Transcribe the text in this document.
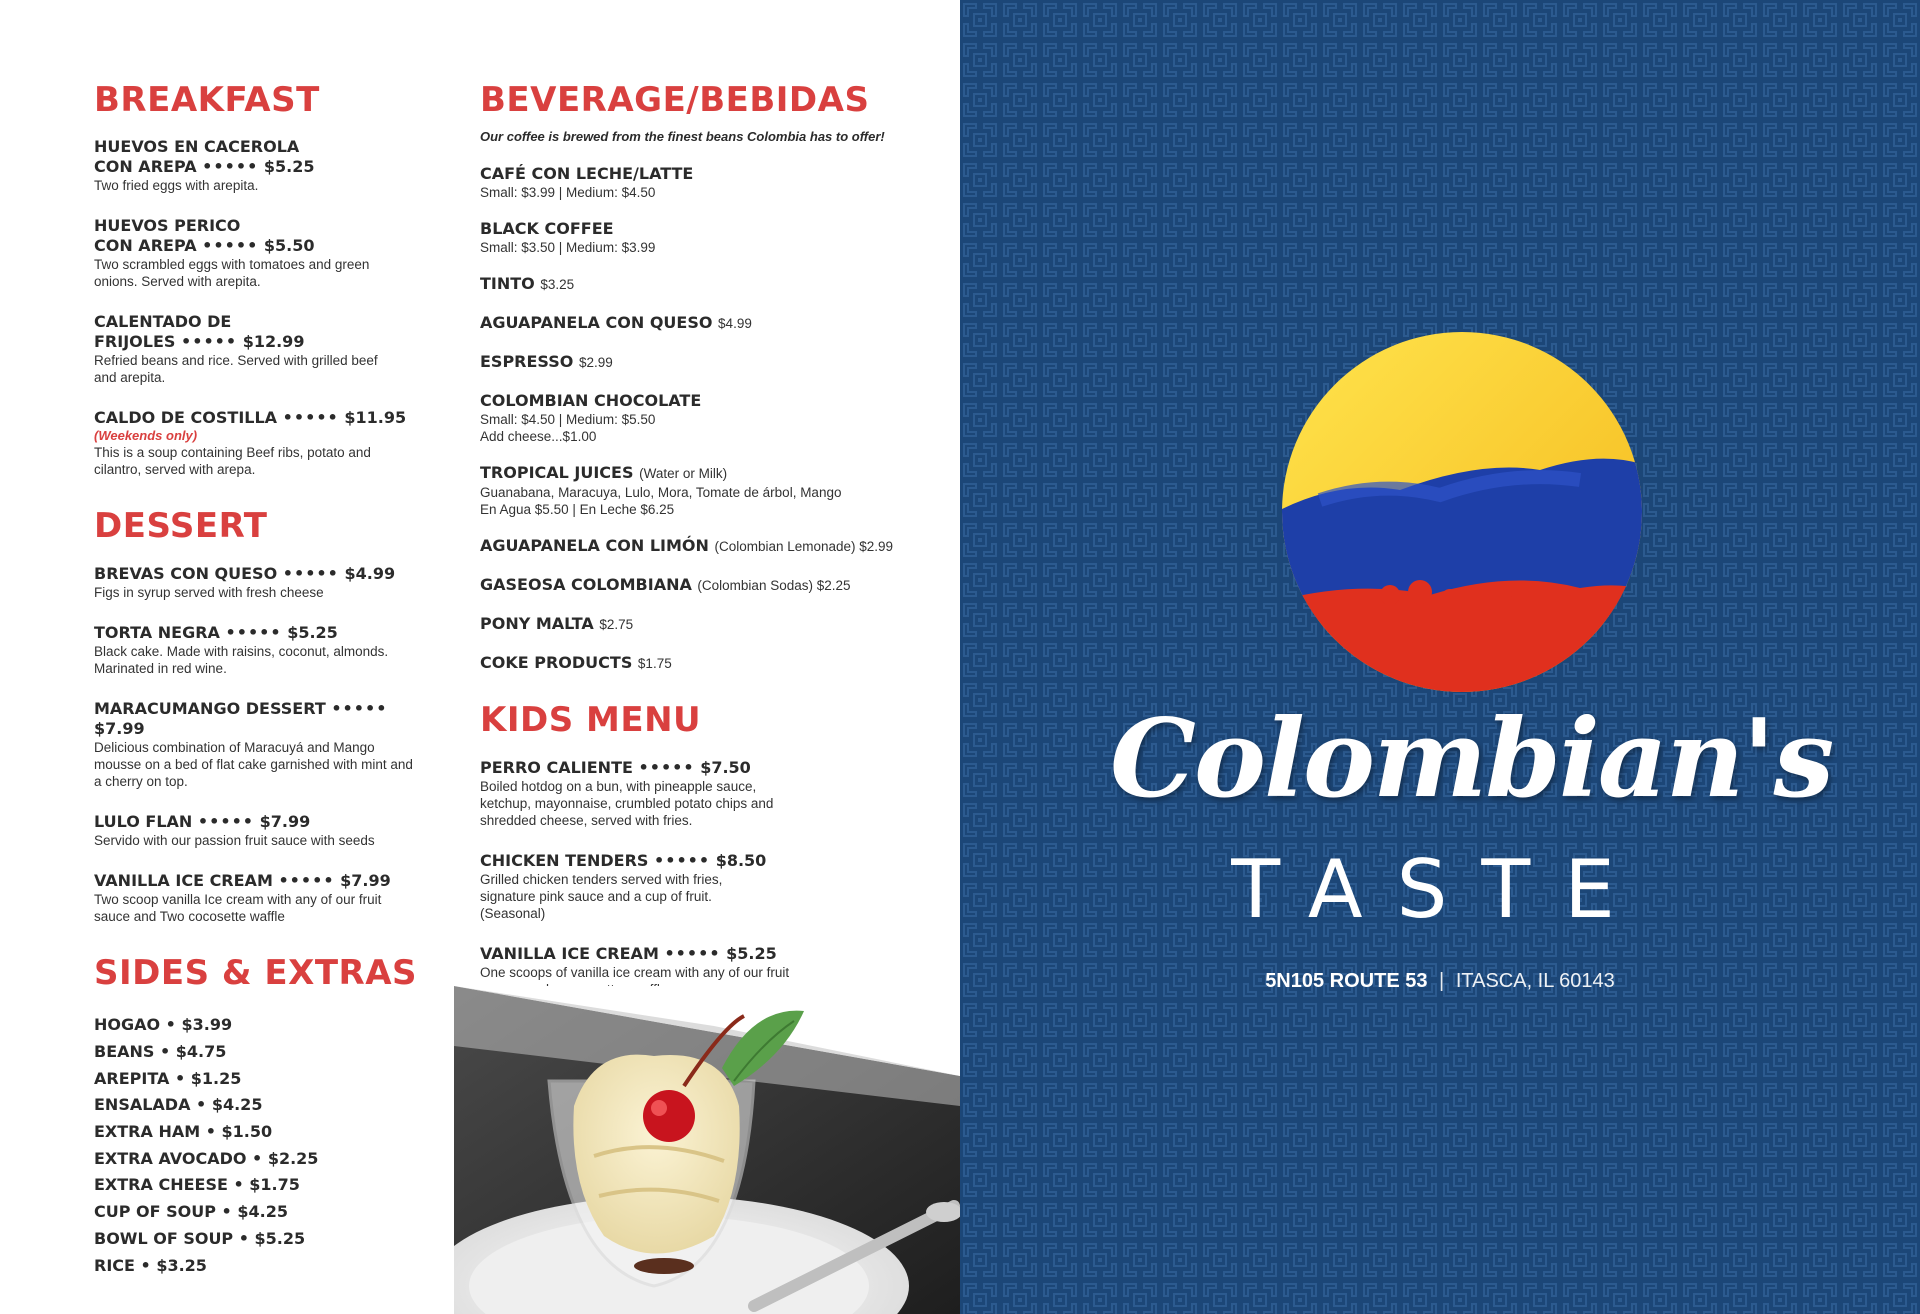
BREAKFAST
HUEVOS EN CACEROLA
CON AREPA ••••• $5.25
Two fried eggs with arepita.
HUEVOS PERICO
CON AREPA ••••• $5.50
Two scrambled eggs with tomatoes and green onions. Served with arepita.
CALENTADO DE
FRIJOLES ••••• $12.99
Refried beans and rice. Served with grilled beef and arepita.
CALDO DE COSTILLA ••••• $11.95
(Weekends only)
This is a soup containing Beef ribs, potato and cilantro, served with arepa.
DESSERT
BREVAS CON QUESO ••••• $4.99
Figs in syrup served with fresh cheese
TORTA NEGRA ••••• $5.25
Black cake. Made with raisins, coconut, almonds. Marinated in red wine.
MARACUMANGO DESSERT ••••• $7.99
Delicious combination of Maracuyá and Mango mousse on a bed of flat cake garnished with mint and a cherry on top.
LULO FLAN ••••• $7.99
Servido with our passion fruit sauce with seeds
VANILLA ICE CREAM ••••• $7.99
Two scoop vanilla Ice cream with any of our fruit sauce and Two cocosette waffle
SIDES & EXTRAS
HOGAO • $3.99
BEANS • $4.75
AREPITA • $1.25
ENSALADA • $4.25
EXTRA HAM • $1.50
EXTRA AVOCADO • $2.25
EXTRA CHEESE • $1.75
CUP OF SOUP • $4.25
BOWL OF SOUP • $5.25
RICE • $3.25
BEVERAGE/BEBIDAS
Our coffee is brewed from the finest beans Colombia has to offer!
CAFÉ CON LECHE/LATTE
Small: $3.99 | Medium: $4.50
BLACK COFFEE
Small: $3.50 | Medium: $3.99
TINTO $3.25
AGUAPANELA CON QUESO $4.99
ESPRESSO $2.99
COLOMBIAN CHOCOLATE
Small: $4.50 | Medium: $5.50
Add cheese...$1.00
TROPICAL JUICES (Water or Milk)
Guanabana, Maracuya, Lulo, Mora, Tomate de árbol, Mango
En Agua $5.50 | En Leche $6.25
AGUAPANELA CON LIMÓN (Colombian Lemonade) $2.99
GASEOSA COLOMBIANA (Colombian Sodas) $2.25
PONY MALTA $2.75
COKE PRODUCTS $1.75
KIDS MENU
PERRO CALIENTE ••••• $7.50
Boiled hotdog on a bun, with pineapple sauce, ketchup, mayonnaise, crumbled potato chips and shredded cheese, served with fries.
CHICKEN TENDERS ••••• $8.50
Grilled chicken tenders served with fries, signature pink sauce and a cup of fruit. (Seasonal)
VANILLA ICE CREAM ••••• $5.25
One scoops of vanilla ice cream with any of our fruit
Colombian's
TASTE
5N105 ROUTE 53 | ITASCA, IL 60143
